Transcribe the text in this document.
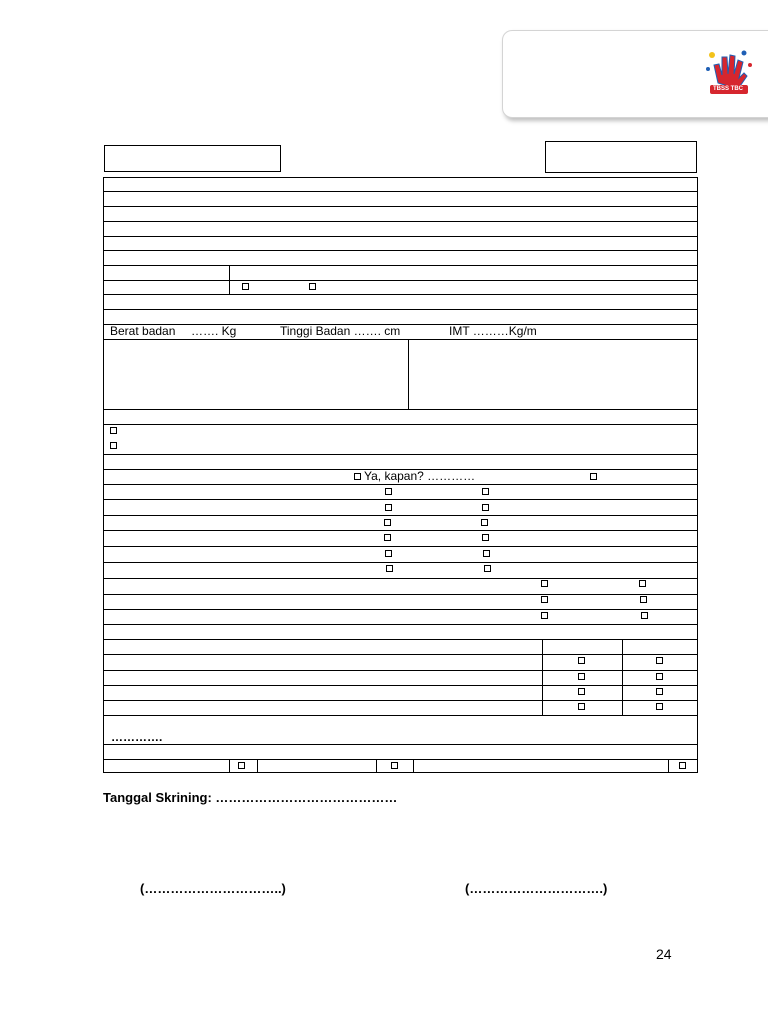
TBSS TBC
Berat badan ……. Kg	Tinggi Badan ……. cm	IMT ………Kg/m
Ya, kapan? …………
………….
Tanggal Skrining: ……………………………………
(…………………………..)	(………………………….)
24
